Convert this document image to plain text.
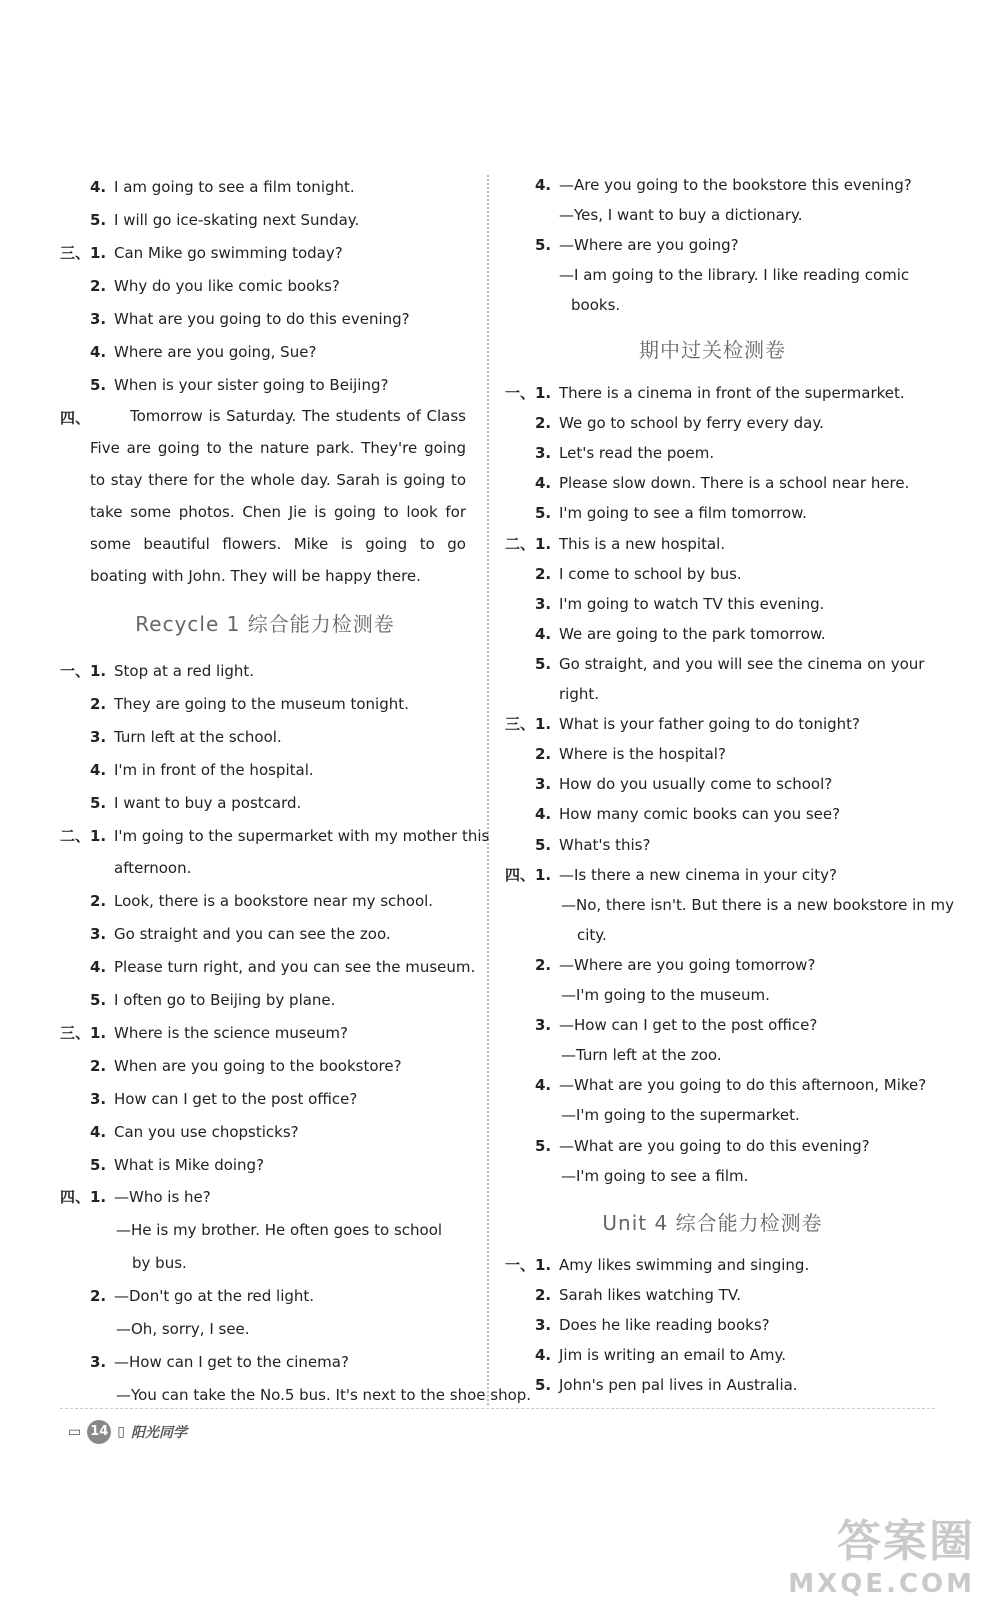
4. I am going to see a film tonight.
5. I will go ice-skating next Sunday.
三、 1. Can Mike go swimming today?
2. Why do you like comic books?
3. What are you going to do this evening?
4. Where are you going, Sue?
5. When is your sister going to Beijing?
四、	Tomorrow is Saturday. The students of Class Five are going to the nature park. They're going to stay there for the whole day. Sarah is going to take some photos. Chen Jie is going to look for some beautiful flowers. Mike is going to go boating with John. They will be happy there.
Recycle 1 综合能力检测卷
一、 1. Stop at a red light.
2. They are going to the museum tonight.
3. Turn left at the school.
4. I'm in front of the hospital.
5. I want to buy a postcard.
二、 1. I'm going to the supermarket with my mother this
afternoon.
2. Look, there is a bookstore near my school.
3. Go straight and you can see the zoo.
4. Please turn right, and you can see the museum.
5. I often go to Beijing by plane.
三、 1. Where is the science museum?
2. When are you going to the bookstore?
3. How can I get to the post office?
4. Can you use chopsticks?
5. What is Mike doing?
四、 1. —Who is he?
—He is my brother. He often goes to school
by bus.
2. —Don't go at the red light.
—Oh, sorry, I see.
3. —How can I get to the cinema?
—You can take the No.5 bus. It's next to the shoe shop.
4. —Are you going to the bookstore this evening?
—Yes, I want to buy a dictionary.
5. —Where are you going?
—I am going to the library. I like reading comic
books.
期中过关检测卷
一、 1. There is a cinema in front of the supermarket.
2. We go to school by ferry every day.
3. Let's read the poem.
4. Please slow down. There is a school near here.
5. I'm going to see a film tomorrow.
二、 1. This is a new hospital.
2. I come to school by bus.
3. I'm going to watch TV this evening.
4. We are going to the park tomorrow.
5. Go straight, and you will see the cinema on your
right.
三、 1. What is your father going to do tonight?
2. Where is the hospital?
3. How do you usually come to school?
4. How many comic books can you see?
5. What's this?
四、 1. —Is there a new cinema in your city?
—No, there isn't. But there is a new bookstore in my
city.
2. —Where are you going tomorrow?
—I'm going to the museum.
3. —How can I get to the post office?
—Turn left at the zoo.
4. —What are you going to do this afternoon, Mike?
—I'm going to the supermarket.
5. —What are you going to do this evening?
—I'm going to see a film.
Unit 4 综合能力检测卷
一、 1. Amy likes swimming and singing.
2. Sarah likes watching TV.
3. Does he like reading books?
4. Jim is writing an email to Amy.
5. John's pen pal lives in Australia.
▭ 14 ▯ 阳光同学
答案圈
MXQE.COM
